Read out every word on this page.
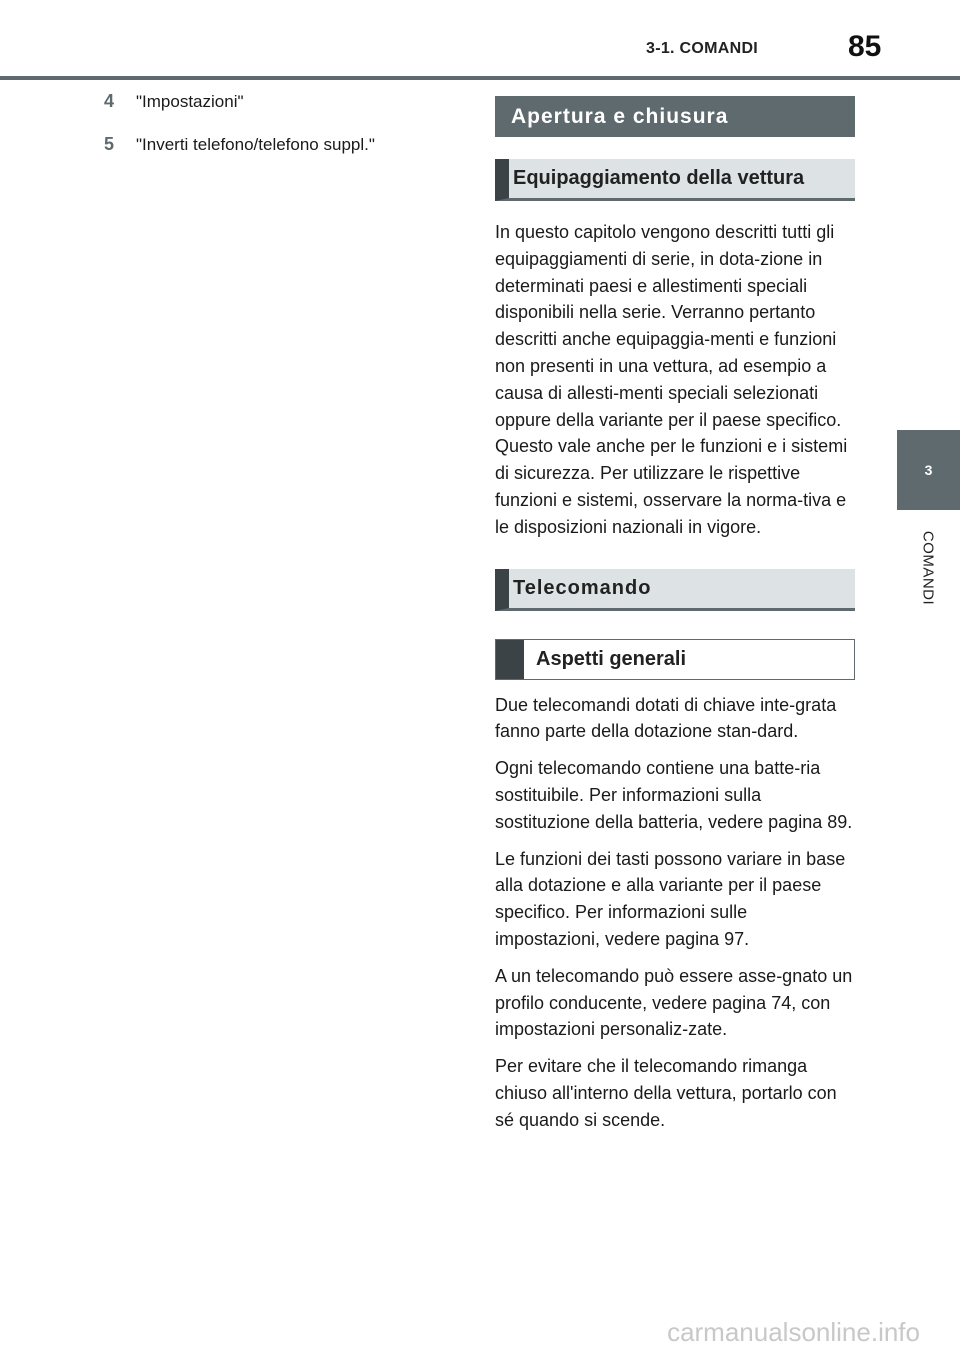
3-1. COMANDI	85
3
COMANDI
4	"Impostazioni"
5	"Inverti telefono/telefono suppl."
Apertura e chiusura
Equipaggiamento della vettura

In questo capitolo vengono descritti tutti gli equipaggiamenti di serie, in dota-zione in determinati paesi e allestimenti speciali disponibili nella serie. Verranno pertanto descritti anche equipaggia-menti e funzioni non presenti in una vettura, ad esempio a causa di allesti-menti speciali selezionati oppure della variante per il paese specifico. Questo vale anche per le funzioni e i sistemi di sicurezza. Per utilizzare le rispettive funzioni e sistemi, osservare la norma-tiva e le disposizioni nazionali in vigore.

Telecomando
Aspetti generali

Due telecomandi dotati di chiave inte-grata fanno parte della dotazione stan-dard.

Ogni telecomando contiene una batte-ria sostituibile. Per informazioni sulla sostituzione della batteria, vedere pagina 89.

Le funzioni dei tasti possono variare in base alla dotazione e alla variante per il paese specifico. Per informazioni sulle impostazioni, vedere pagina 97.

A un telecomando può essere asse-gnato un profilo conducente, vedere pagina 74, con impostazioni personaliz-zate.

Per evitare che il telecomando rimanga chiuso all'interno della vettura, portarlo con sé quando si scende.

carmanualsonline.info
